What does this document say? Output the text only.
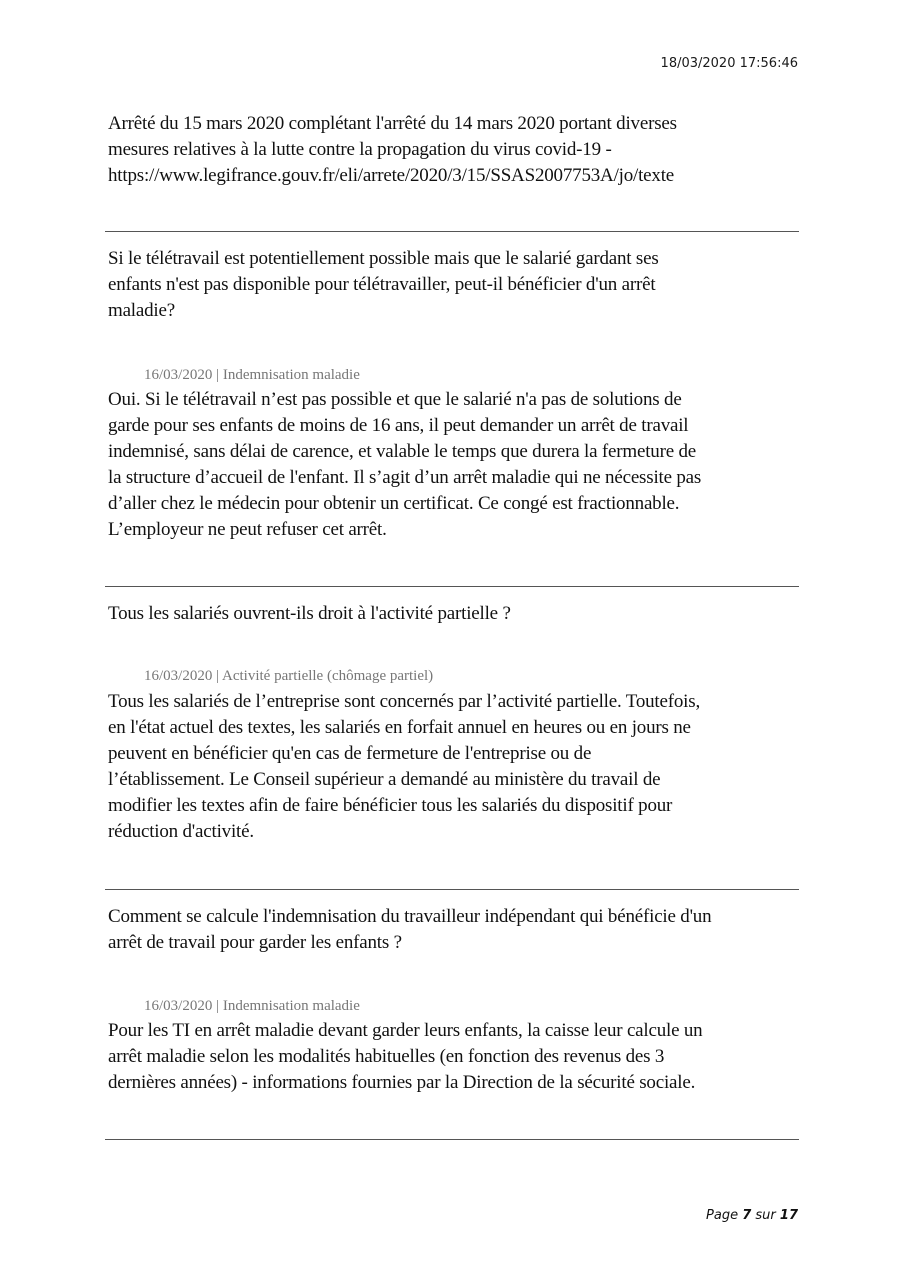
18/03/2020 17:56:46

Arrêté du 15 mars 2020 complétant l'arrêté du 14 mars 2020 portant diverses

mesures relatives à la lutte contre la propagation du virus covid-19 -

https://www.legifrance.gouv.fr/eli/arrete/2020/3/15/SSAS2007753A/jo/texte

Si le télétravail est potentiellement possible mais que le salarié gardant ses

enfants n'est pas disponible pour télétravailler, peut-il bénéficier d'un arrêt

maladie?

16/03/2020 | Indemnisation maladie

Oui. Si le télétravail n’est pas possible et que le salarié n'a pas de solutions de

garde pour ses enfants de moins de 16 ans, il peut demander un arrêt de travail

indemnisé, sans délai de carence, et valable le temps que durera la fermeture de

la structure d’accueil de l'enfant. Il s’agit d’un arrêt maladie qui ne nécessite pas

d’aller chez le médecin pour obtenir un certificat. Ce congé est fractionnable.

L’employeur ne peut refuser cet arrêt.

Tous les salariés ouvrent-ils droit à l'activité partielle ?

16/03/2020 | Activité partielle (chômage partiel)

Tous les salariés de l’entreprise sont concernés par l’activité partielle. Toutefois,

en l'état actuel des textes, les salariés en forfait annuel en heures ou en jours ne

peuvent en bénéficier qu'en cas de fermeture de l'entreprise ou de

l’établissement. Le Conseil supérieur a demandé au ministère du travail de

modifier les textes afin de faire bénéficier tous les salariés du dispositif pour

réduction d'activité.

Comment se calcule l'indemnisation du travailleur indépendant qui bénéficie d'un

arrêt de travail pour garder les enfants ?

16/03/2020 | Indemnisation maladie

Pour les TI en arrêt maladie devant garder leurs enfants, la caisse leur calcule un

arrêt maladie selon les modalités habituelles (en fonction des revenus des 3

dernières années) - informations fournies par la Direction de la sécurité sociale.

Page 7 sur 17
